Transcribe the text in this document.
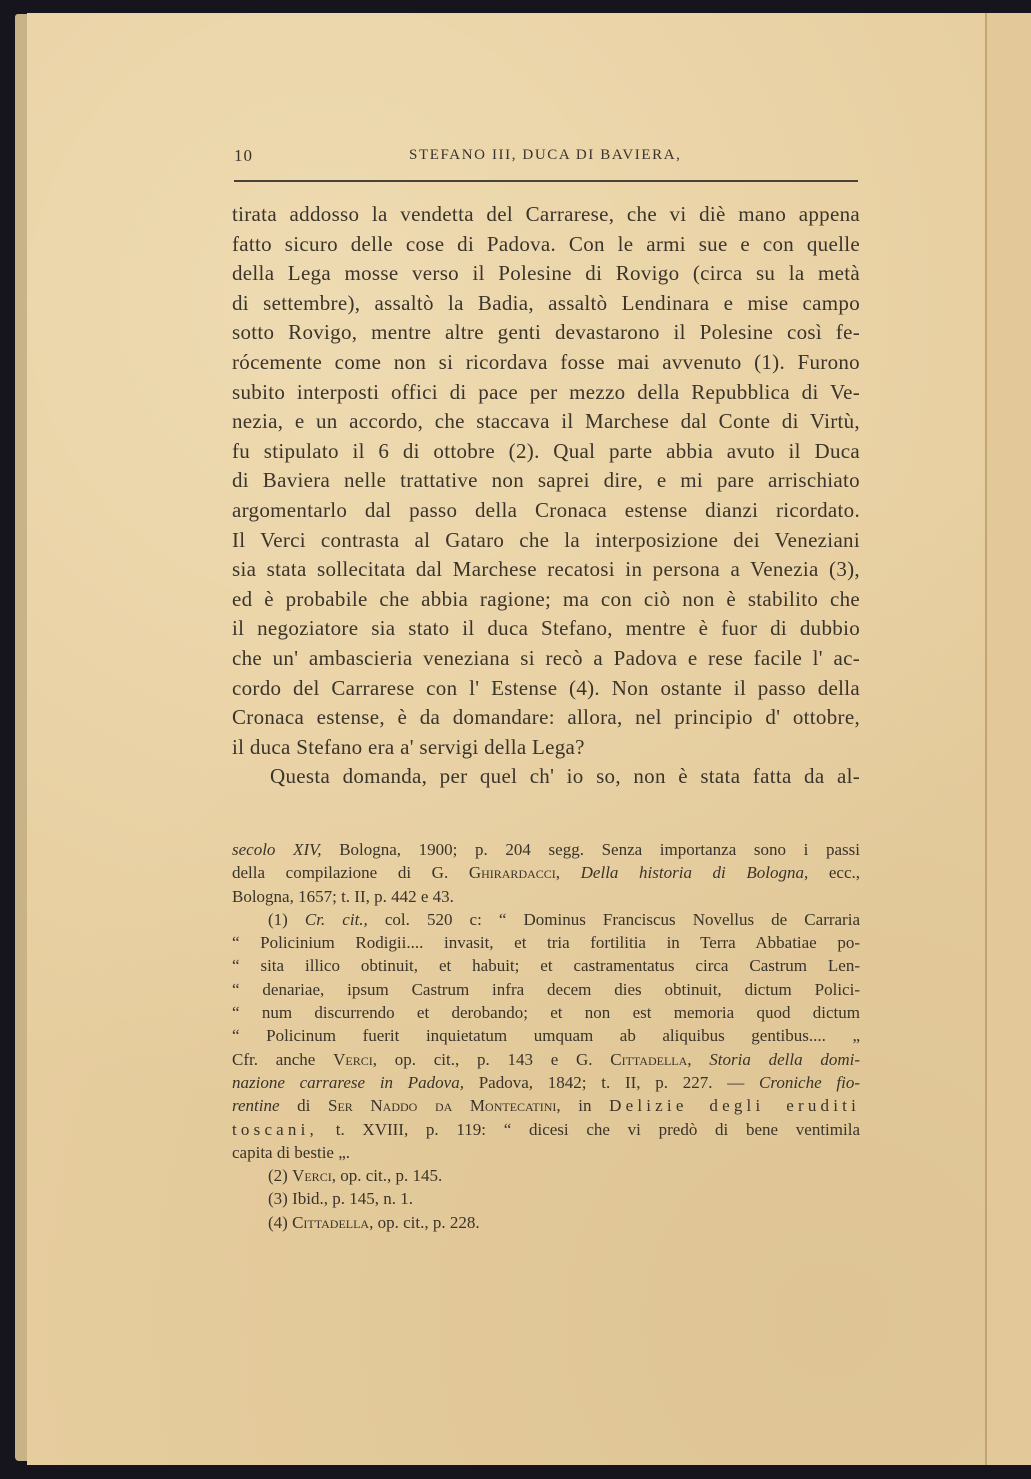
10	STEFANO III, DUCA DI BAVIERA,
tirata addosso la vendetta del Carrarese, che vi diè mano appena
fatto sicuro delle cose di Padova. Con le armi sue e con quelle
della Lega mosse verso il Polesine di Rovigo (circa su la metà
di settembre), assaltò la Badia, assaltò Lendinara e mise campo
sotto Rovigo, mentre altre genti devastarono il Polesine così fe-
rócemente come non si ricordava fosse mai avvenuto (1). Furono
subito interposti offici di pace per mezzo della Repubblica di Ve-
nezia, e un accordo, che staccava il Marchese dal Conte di Virtù,
fu stipulato il 6 di ottobre (2). Qual parte abbia avuto il Duca
di Baviera nelle trattative non saprei dire, e mi pare arrischiato
argomentarlo dal passo della Cronaca estense dianzi ricordato.
Il Verci contrasta al Gataro che la interposizione dei Veneziani
sia stata sollecitata dal Marchese recatosi in persona a Venezia (3),
ed è probabile che abbia ragione; ma con ciò non è stabilito che
il negoziatore sia stato il duca Stefano, mentre è fuor di dubbio
che un' ambascieria veneziana si recò a Padova e rese facile l' ac-
cordo del Carrarese con l' Estense (4). Non ostante il passo della
Cronaca estense, è da domandare: allora, nel principio d' ottobre,
il duca Stefano era a' servigi della Lega?
Questa domanda, per quel ch' io so, non è stata fatta da al-
secolo XIV, Bologna, 1900; p. 204 segg. Senza importanza sono i passi
della compilazione di G. Ghirardacci, Della historia di Bologna, ecc.,
Bologna, 1657; t. II, p. 442 e 43.
(1) Cr. cit., col. 520 c: “ Dominus Franciscus Novellus de Carraria
“ Policinium Rodigii.... invasit, et tria fortilitia in Terra Abbatiae po-
“ sita illico obtinuit, et habuit; et castramentatus circa Castrum Len-
“ denariae, ipsum Castrum infra decem dies obtinuit, dictum Polici-
“ num discurrendo et derobando; et non est memoria quod dictum
“ Policinum fuerit inquietatum umquam ab aliquibus gentibus.... „
Cfr. anche Verci, op. cit., p. 143 e G. Cittadella, Storia della domi-
nazione carrarese in Padova, Padova, 1842; t. II, p. 227. — Croniche fio-
rentine di Ser Naddo da Montecatini, in Delizie degli eruditi
toscani, t. XVIII, p. 119: “ dicesi che vi predò di bene ventimila
capita di bestie „.
(2) Verci, op. cit., p. 145.
(3) Ibid., p. 145, n. 1.
(4) Cittadella, op. cit., p. 228.
